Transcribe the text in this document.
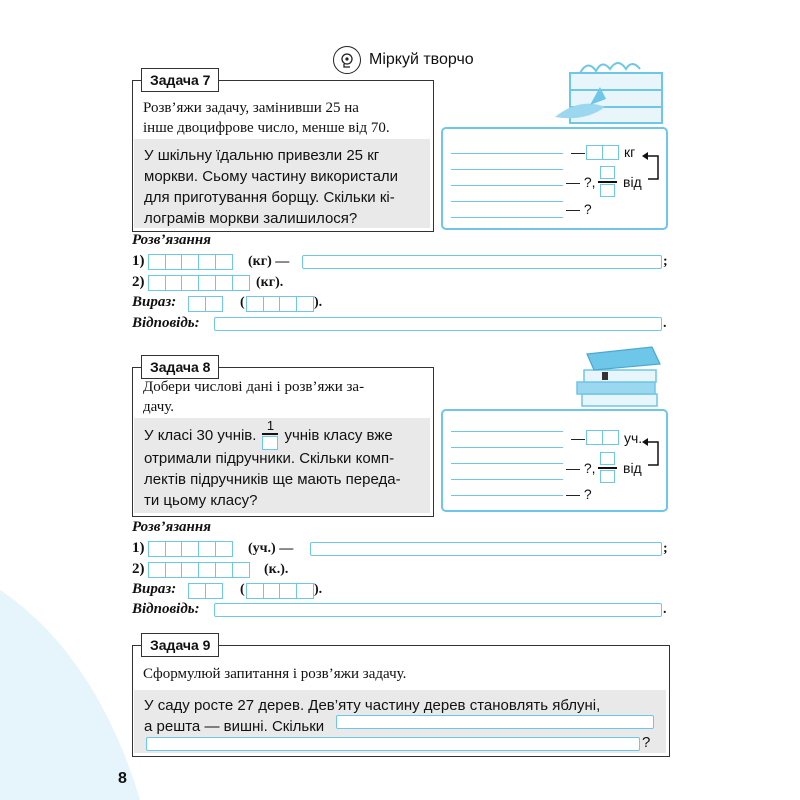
Міркуй творчо
Задача 7
Розв’яжи задачу, замінивши 25 на
інше двоцифрове число, менше від 70.
У шкільну їдальню привезли 25 кг
моркви. Сьому частину використали
для приготування борщу. Скільки кі-
лограмів моркви залишилося?
—	кг
— ?, від
— ?
Розв’язання
1)	(кг) —	;
2)	(кг).
Вираз:	(	).
Відповідь:	.
Задача 8
Добери числові дані і розв’яжи за-
дачу.
У класі 30 учнів.
1
учнів класу вже
отримали підручники. Скільки комп-
лектів підручників ще мають переда-
ти цьому класу?
—	уч.
— ?, від
— ?
Розв’язання
1)	(уч.) —	;
2)	(к.).
Вираз:	(	).
Відповідь:	.
Задача 9
Сформулюй запитання і розв’яжи задачу.
У саду росте 27 дерев. Дев’яту частину дерев становлять яблуні,
а решта — вишні. Скільки
?
8
